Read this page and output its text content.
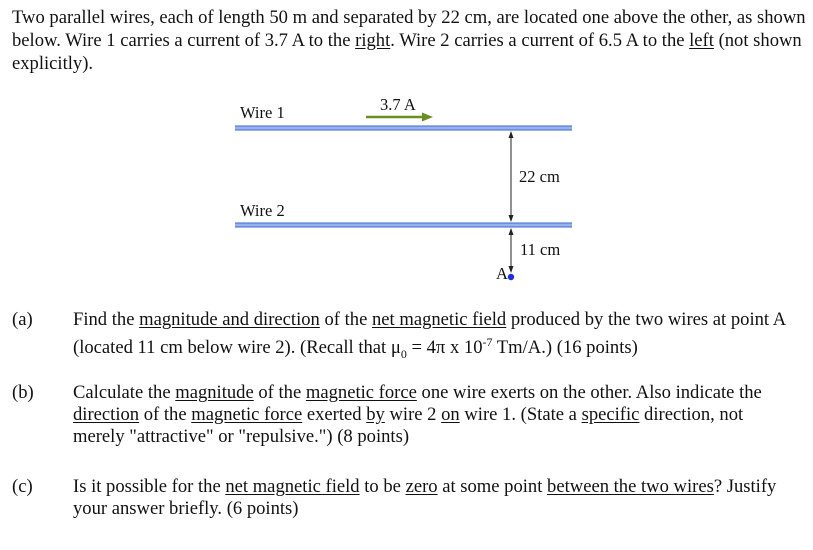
Two parallel wires, each of length 50 m and separated by 22 cm, are located one above the other, as shown below. Wire 1 carries a current of 3.7 A to the right. Wire 2 carries a current of 6.5 A to the left (not shown explicitly).
Wire 1	3.7 A
Wire 2
22 cm
11 cm
A
(a) Find the magnitude and direction of the net magnetic field produced by the two wires at point A (located 11 cm below wire 2). (Recall that $\mu_0 = 4\pi$ x $10^{-7}$ Tm/A.) (16 points)
(b) Calculate the magnitude of the magnetic force one wire exerts on the other. Also indicate the direction of the magnetic force exerted by wire 2 on wire 1. (State a specific direction, not merely "attractive" or "repulsive.") (8 points)
(c) Is it possible for the net magnetic field to be zero at some point between the two wires? Justify your answer briefly. (6 points)
